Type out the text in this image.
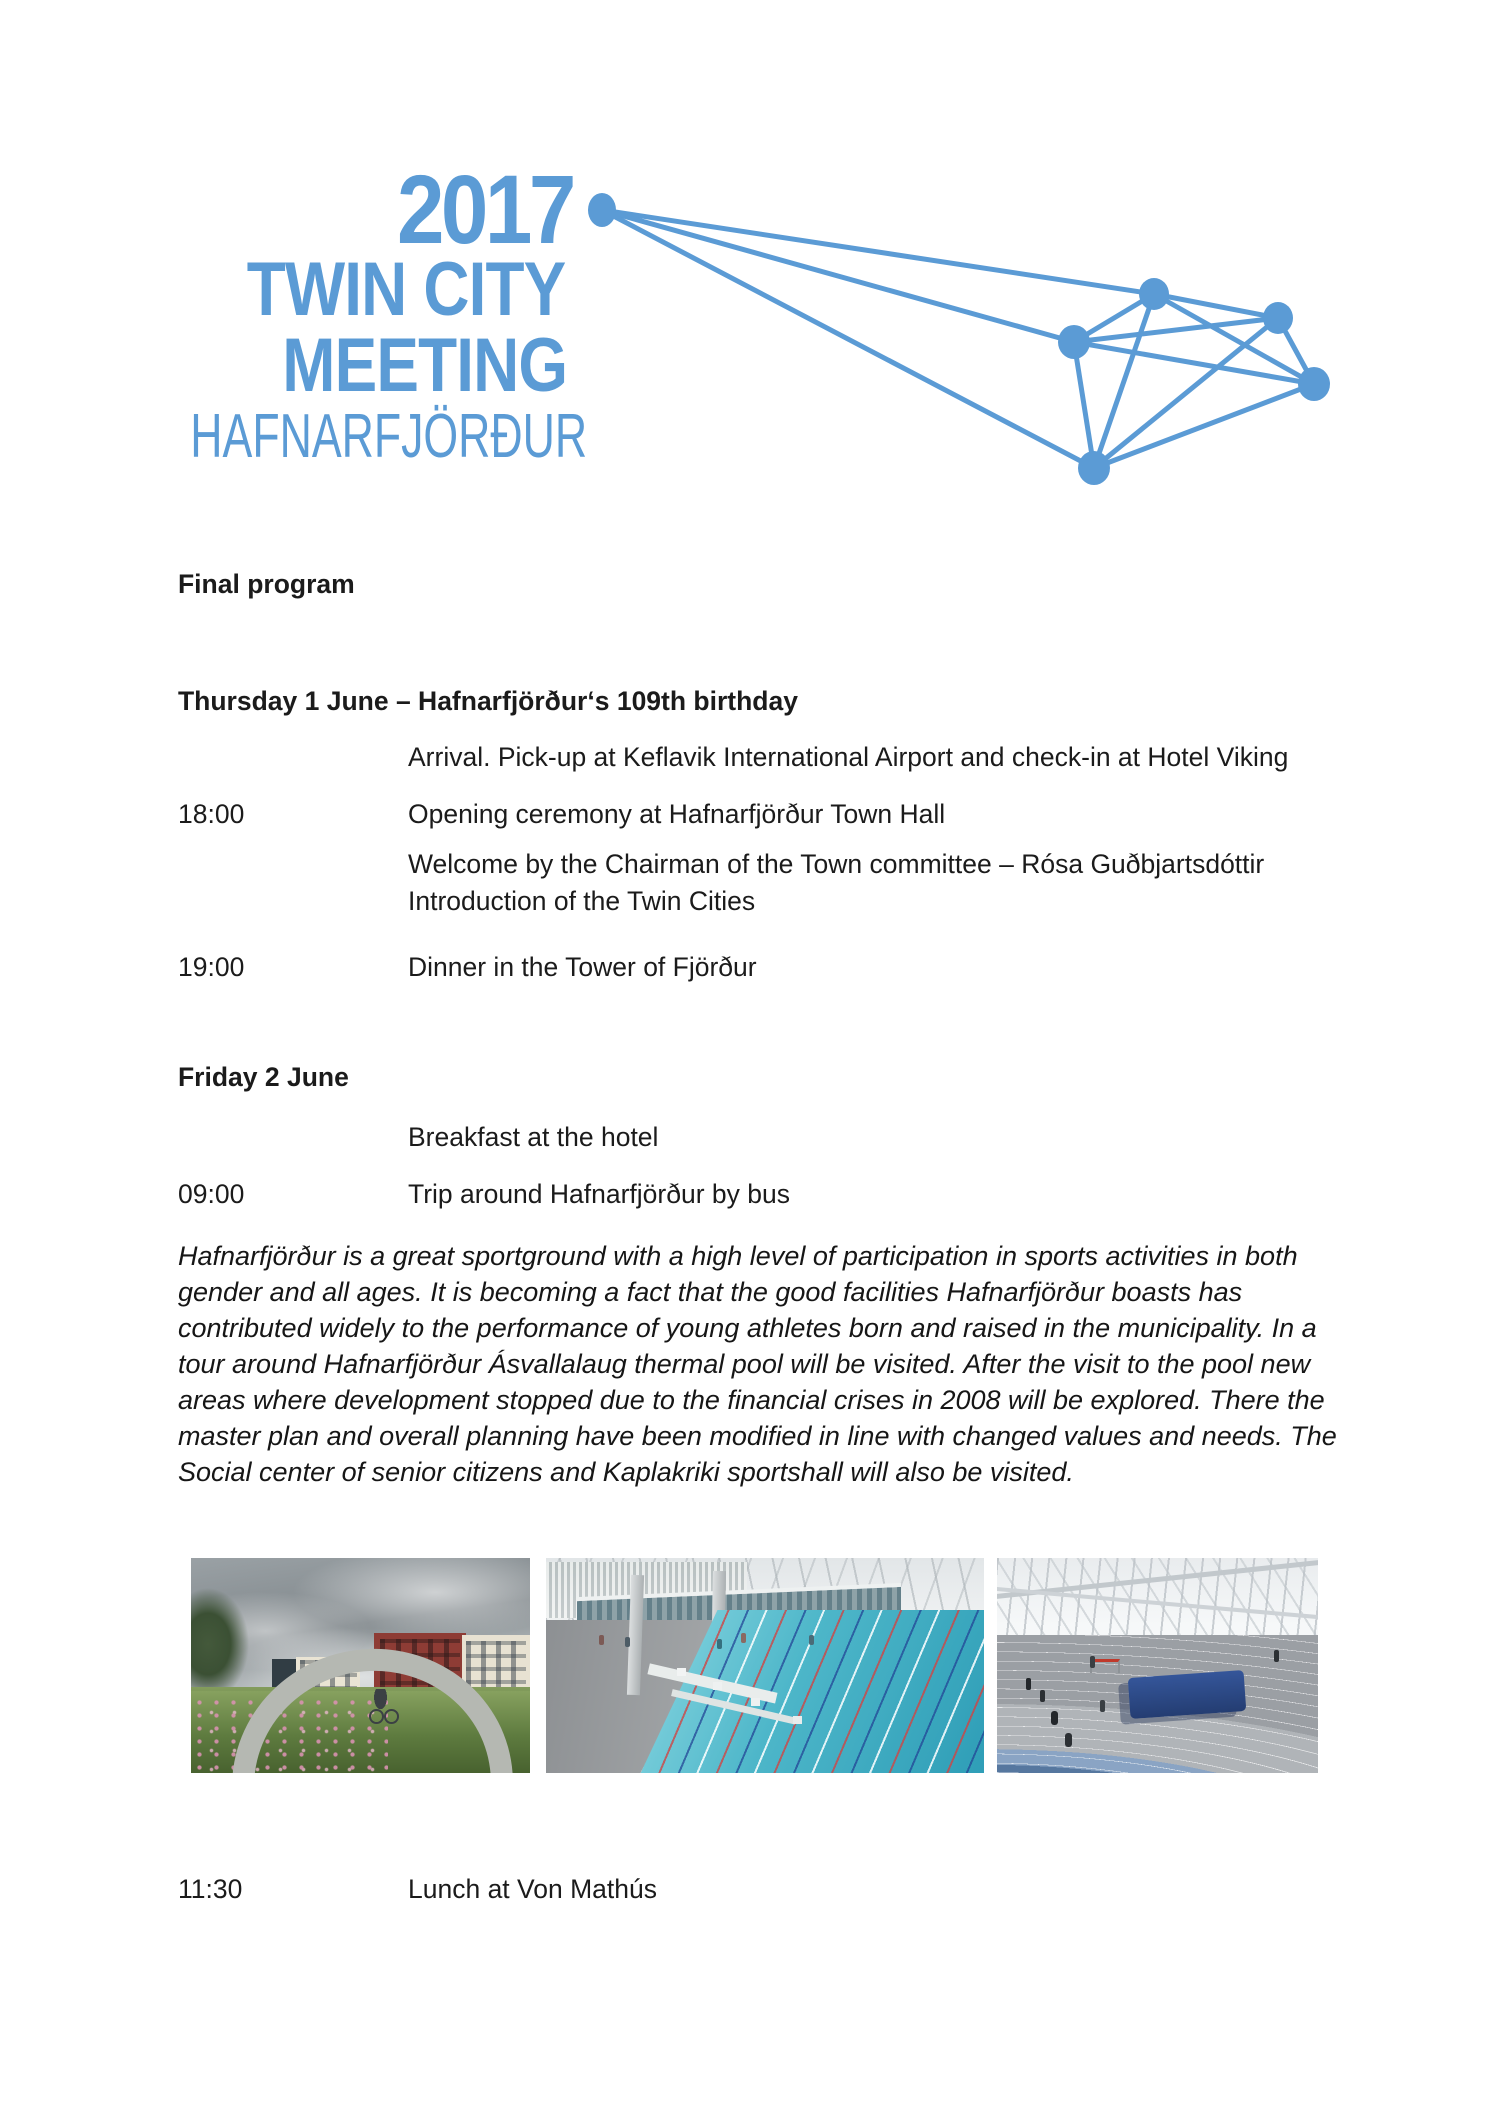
2017
TWIN CITY
MEETING
HAFNARFJÖRÐUR
Final program
Thursday 1 June – Hafnarfjörður‘s 109th birthday
Arrival. Pick-up at Keflavik International Airport and check-in at Hotel Viking
18:00	Opening ceremony at Hafnarfjörður Town Hall
Welcome by the Chairman of the Town committee – Rósa Guðbjartsdóttir
Introduction of the Twin Cities
19:00	Dinner in the Tower of Fjörður
Friday 2 June
Breakfast at the hotel
09:00	Trip around Hafnarfjörður by bus
Hafnarfjörður is a great sportground with a high level of participation in sports activities in both gender and all ages. It is becoming a fact that the good facilities Hafnarfjörður boasts has contributed widely to the performance of young athletes born and raised in the municipality. In a tour around Hafnarfjörður Ásvallalaug thermal pool will be visited. After the visit to the pool new areas where development stopped due to the financial crises in 2008 will be explored. There the master plan and overall planning have been modified in line with changed values and needs. The Social center of senior citizens and Kaplakriki sportshall will also be visited.
11:30	Lunch at Von Mathús
